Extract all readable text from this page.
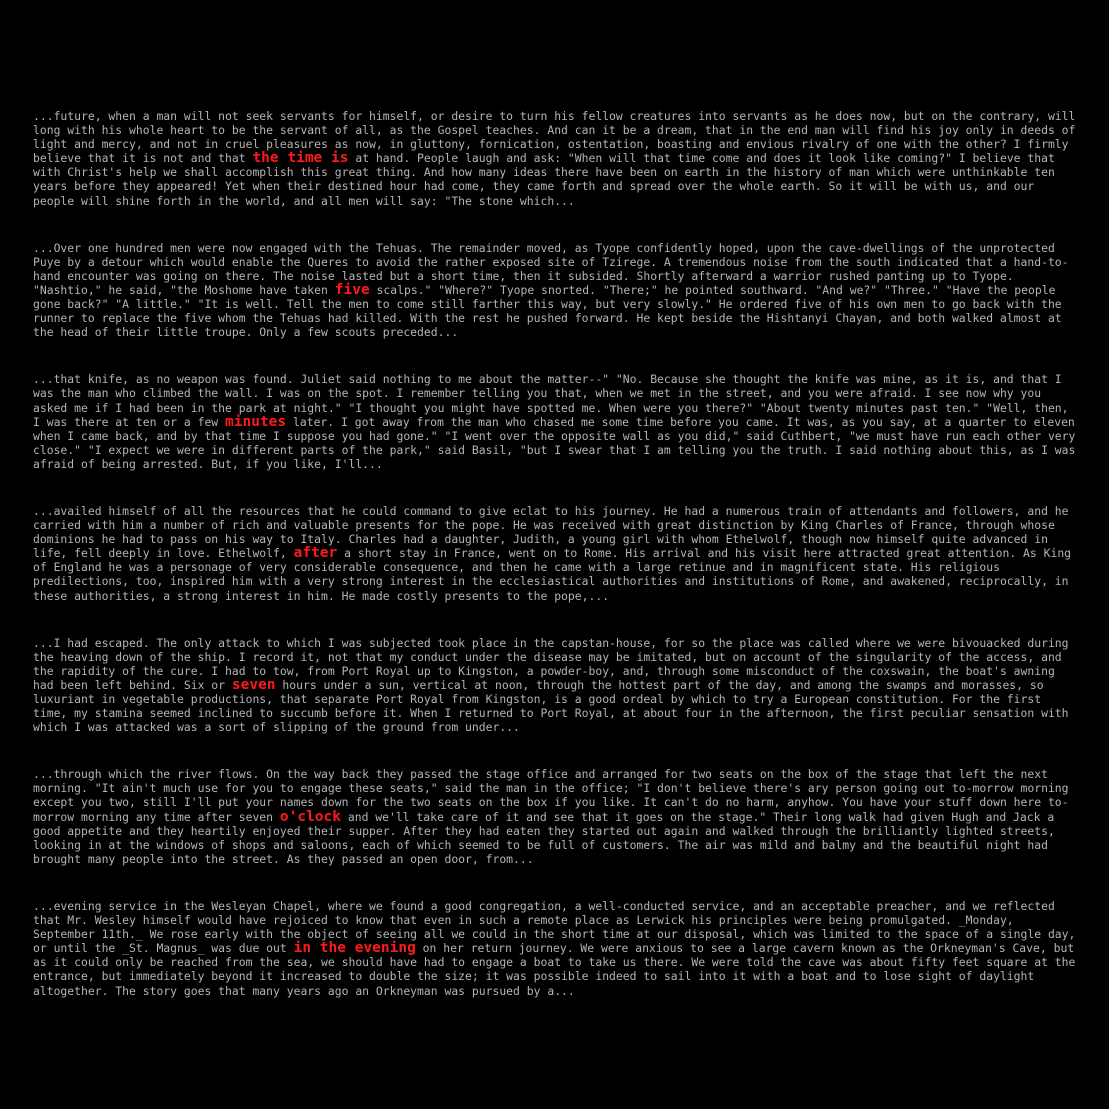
...future, when a man will not seek servants for himself, or desire to turn his fellow creatures into servants as he does now, but on the contrary, will long with his whole heart to be the servant of all, as the Gospel teaches. And can it be a dream, that in the end man will find his joy only in deeds of light and mercy, and not in cruel pleasures as now, in gluttony, fornication, ostentation, boasting and envious rivalry of one with the other? I firmly believe that it is not and that the time is at hand. People laugh and ask: "When will that time come and does it look like coming?" I believe that with Christ's help we shall accomplish this great thing. And how many ideas there have been on earth in the history of man which were unthinkable ten years before they appeared! Yet when their destined hour had come, they came forth and spread over the whole earth. So it will be with us, and our people will shine forth in the world, and all men will say: "The stone which...

...Over one hundred men were now engaged with the Tehuas. The remainder moved, as Tyope confidently hoped, upon the cave-dwellings of the unprotected Puye by a detour which would enable the Queres to avoid the rather exposed site of Tzirege. A tremendous noise from the south indicated that a hand-to-hand encounter was going on there. The noise lasted but a short time, then it subsided. Shortly afterward a warrior rushed panting up to Tyope. "Nashtio," he said, "the Moshome have taken five scalps." "Where?" Tyope snorted. "There;" he pointed southward. "And we?" "Three." "Have the people gone back?" "A little." "It is well. Tell the men to come still farther this way, but very slowly." He ordered five of his own men to go back with the runner to replace the five whom the Tehuas had killed. With the rest he pushed forward. He kept beside the Hishtanyi Chayan, and both walked almost at the head of their little troupe. Only a few scouts preceded...

...that knife, as no weapon was found. Juliet said nothing to me about the matter--" "No. Because she thought the knife was mine, as it is, and that I was the man who climbed the wall. I was on the spot. I remember telling you that, when we met in the street, and you were afraid. I see now why you asked me if I had been in the park at night." "I thought you might have spotted me. When were you there?" "About twenty minutes past ten." "Well, then, I was there at ten or a few minutes later. I got away from the man who chased me some time before you came. It was, as you say, at a quarter to eleven when I came back, and by that time I suppose you had gone." "I went over the opposite wall as you did," said Cuthbert, "we must have run each other very close." "I expect we were in different parts of the park," said Basil, "but I swear that I am telling you the truth. I said nothing about this, as I was afraid of being arrested. But, if you like, I'll...

...availed himself of all the resources that he could command to give eclat to his journey. He had a numerous train of attendants and followers, and he carried with him a number of rich and valuable presents for the pope. He was received with great distinction by King Charles of France, through whose dominions he had to pass on his way to Italy. Charles had a daughter, Judith, a young girl with whom Ethelwolf, though now himself quite advanced in life, fell deeply in love. Ethelwolf, after a short stay in France, went on to Rome. His arrival and his visit here attracted great attention. As King of England he was a personage of very considerable consequence, and then he came with a large retinue and in magnificent state. His religious predilections, too, inspired him with a very strong interest in the ecclesiastical authorities and institutions of Rome, and awakened, reciprocally, in these authorities, a strong interest in him. He made costly presents to the pope,...

...I had escaped. The only attack to which I was subjected took place in the capstan-house, for so the place was called where we were bivouacked during the heaving down of the ship. I record it, not that my conduct under the disease may be imitated, but on account of the singularity of the access, and the rapidity of the cure. I had to tow, from Port Royal up to Kingston, a powder-boy, and, through some misconduct of the coxswain, the boat's awning had been left behind. Six or seven hours under a sun, vertical at noon, through the hottest part of the day, and among the swamps and morasses, so luxuriant in vegetable productions, that separate Port Royal from Kingston, is a good ordeal by which to try a European constitution. For the first time, my stamina seemed inclined to succumb before it. When I returned to Port Royal, at about four in the afternoon, the first peculiar sensation with which I was attacked was a sort of slipping of the ground from under...

...through which the river flows. On the way back they passed the stage office and arranged for two seats on the box of the stage that left the next morning. "It ain't much use for you to engage these seats," said the man in the office; "I don't believe there's ary person going out to-morrow morning except you two, still I'll put your names down for the two seats on the box if you like. It can't do no harm, anyhow. You have your stuff down here to-morrow morning any time after seven o'clock and we'll take care of it and see that it goes on the stage." Their long walk had given Hugh and Jack a good appetite and they heartily enjoyed their supper. After they had eaten they started out again and walked through the brilliantly lighted streets, looking in at the windows of shops and saloons, each of which seemed to be full of customers. The air was mild and balmy and the beautiful night had brought many people into the street. As they passed an open door, from...

...evening service in the Wesleyan Chapel, where we found a good congregation, a well-conducted service, and an acceptable preacher, and we reflected that Mr. Wesley himself would have rejoiced to know that even in such a remote place as Lerwick his principles were being promulgated. _Monday, September 11th._ We rose early with the object of seeing all we could in the short time at our disposal, which was limited to the space of a single day, or until the _St. Magnus_ was due out in the evening on her return journey. We were anxious to see a large cavern known as the Orkneyman's Cave, but as it could only be reached from the sea, we should have had to engage a boat to take us there. We were told the cave was about fifty feet square at the entrance, but immediately beyond it increased to double the size; it was possible indeed to sail into it with a boat and to lose sight of daylight altogether. The story goes that many years ago an Orkneyman was pursued by a...
